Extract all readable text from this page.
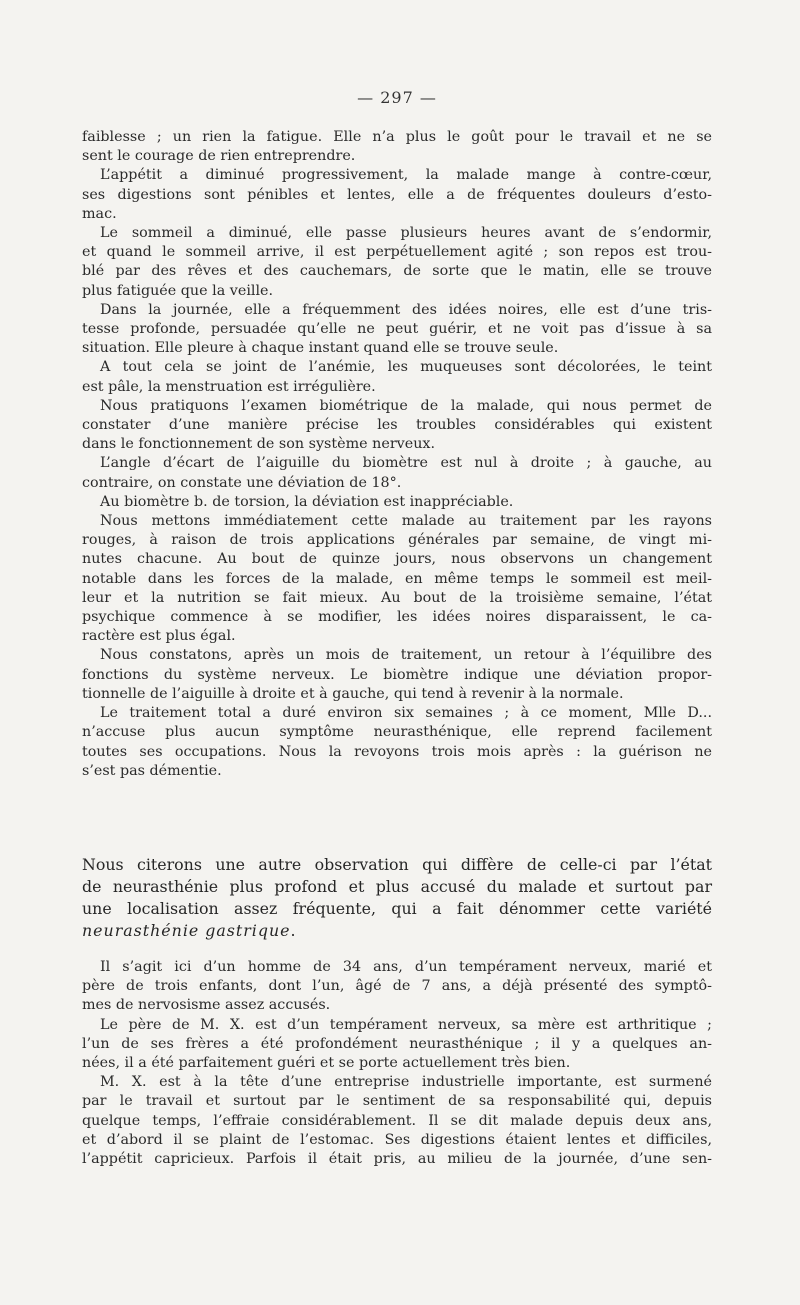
— 297 —

faiblesse ; un rien la fatigue. Elle n’a plus le goût pour le travail et ne se
sent le courage de rien entreprendre.

L’appétit a diminué progressivement, la malade mange à contre-cœur,
ses digestions sont pénibles et lentes, elle a de fréquentes douleurs d’esto-
mac.

Le sommeil a diminué, elle passe plusieurs heures avant de s’endormir,
et quand le sommeil arrive, il est perpétuellement agité ; son repos est trou-
blé par des rêves et des cauchemars, de sorte que le matin, elle se trouve
plus fatiguée que la veille.

Dans la journée, elle a fréquemment des idées noires, elle est d’une tris-
tesse profonde, persuadée qu’elle ne peut guérir, et ne voit pas d’issue à sa
situation. Elle pleure à chaque instant quand elle se trouve seule.

A tout cela se joint de l’anémie, les muqueuses sont décolorées, le teint
est pâle, la menstruation est irrégulière.

Nous pratiquons l’examen biométrique de la malade, qui nous permet de
constater d’une manière précise les troubles considérables qui existent
dans le fonctionnement de son système nerveux.

L’angle d’écart de l’aiguille du biomètre est nul à droite ; à gauche, au
contraire, on constate une déviation de 18°.

Au biomètre b. de torsion, la déviation est inappréciable.

Nous mettons immédiatement cette malade au traitement par les rayons
rouges, à raison de trois applications générales par semaine, de vingt mi-
nutes chacune. Au bout de quinze jours, nous observons un changement
notable dans les forces de la malade, en même temps le sommeil est meil-
leur et la nutrition se fait mieux. Au bout de la troisième semaine, l’état
psychique commence à se modifier, les idées noires disparaissent, le ca-
ractère est plus égal.

Nous constatons, après un mois de traitement, un retour à l’équilibre des
fonctions du système nerveux. Le biomètre indique une déviation propor-
tionnelle de l’aiguille à droite et à gauche, qui tend à revenir à la normale.

Le traitement total a duré environ six semaines ; à ce moment, Mlle D...
n’accuse plus aucun symptôme neurasthénique, elle reprend facilement
toutes ses occupations. Nous la revoyons trois mois après : la guérison ne
s’est pas démentie.

Nous citerons une autre observation qui diffère de celle-ci par l’état
de neurasthénie plus profond et plus accusé du malade et surtout par
une localisation assez fréquente, qui a fait dénommer cette variété
neurasthénie gastrique.

Il s’agit ici d’un homme de 34 ans, d’un tempérament nerveux, marié et
père de trois enfants, dont l’un, âgé de 7 ans, a déjà présenté des symptô-
mes de nervosisme assez accusés.

Le père de M. X. est d’un tempérament nerveux, sa mère est arthritique ;
l’un de ses frères a été profondément neurasthénique ; il y a quelques an-
nées, il a été parfaitement guéri et se porte actuellement très bien.

M. X. est à la tête d’une entreprise industrielle importante, est surmené
par le travail et surtout par le sentiment de sa responsabilité qui, depuis
quelque temps, l’effraie considérablement. Il se dit malade depuis deux ans,
et d’abord il se plaint de l’estomac. Ses digestions étaient lentes et difficiles,
l’appétit capricieux. Parfois il était pris, au milieu de la journée, d’une sen-
